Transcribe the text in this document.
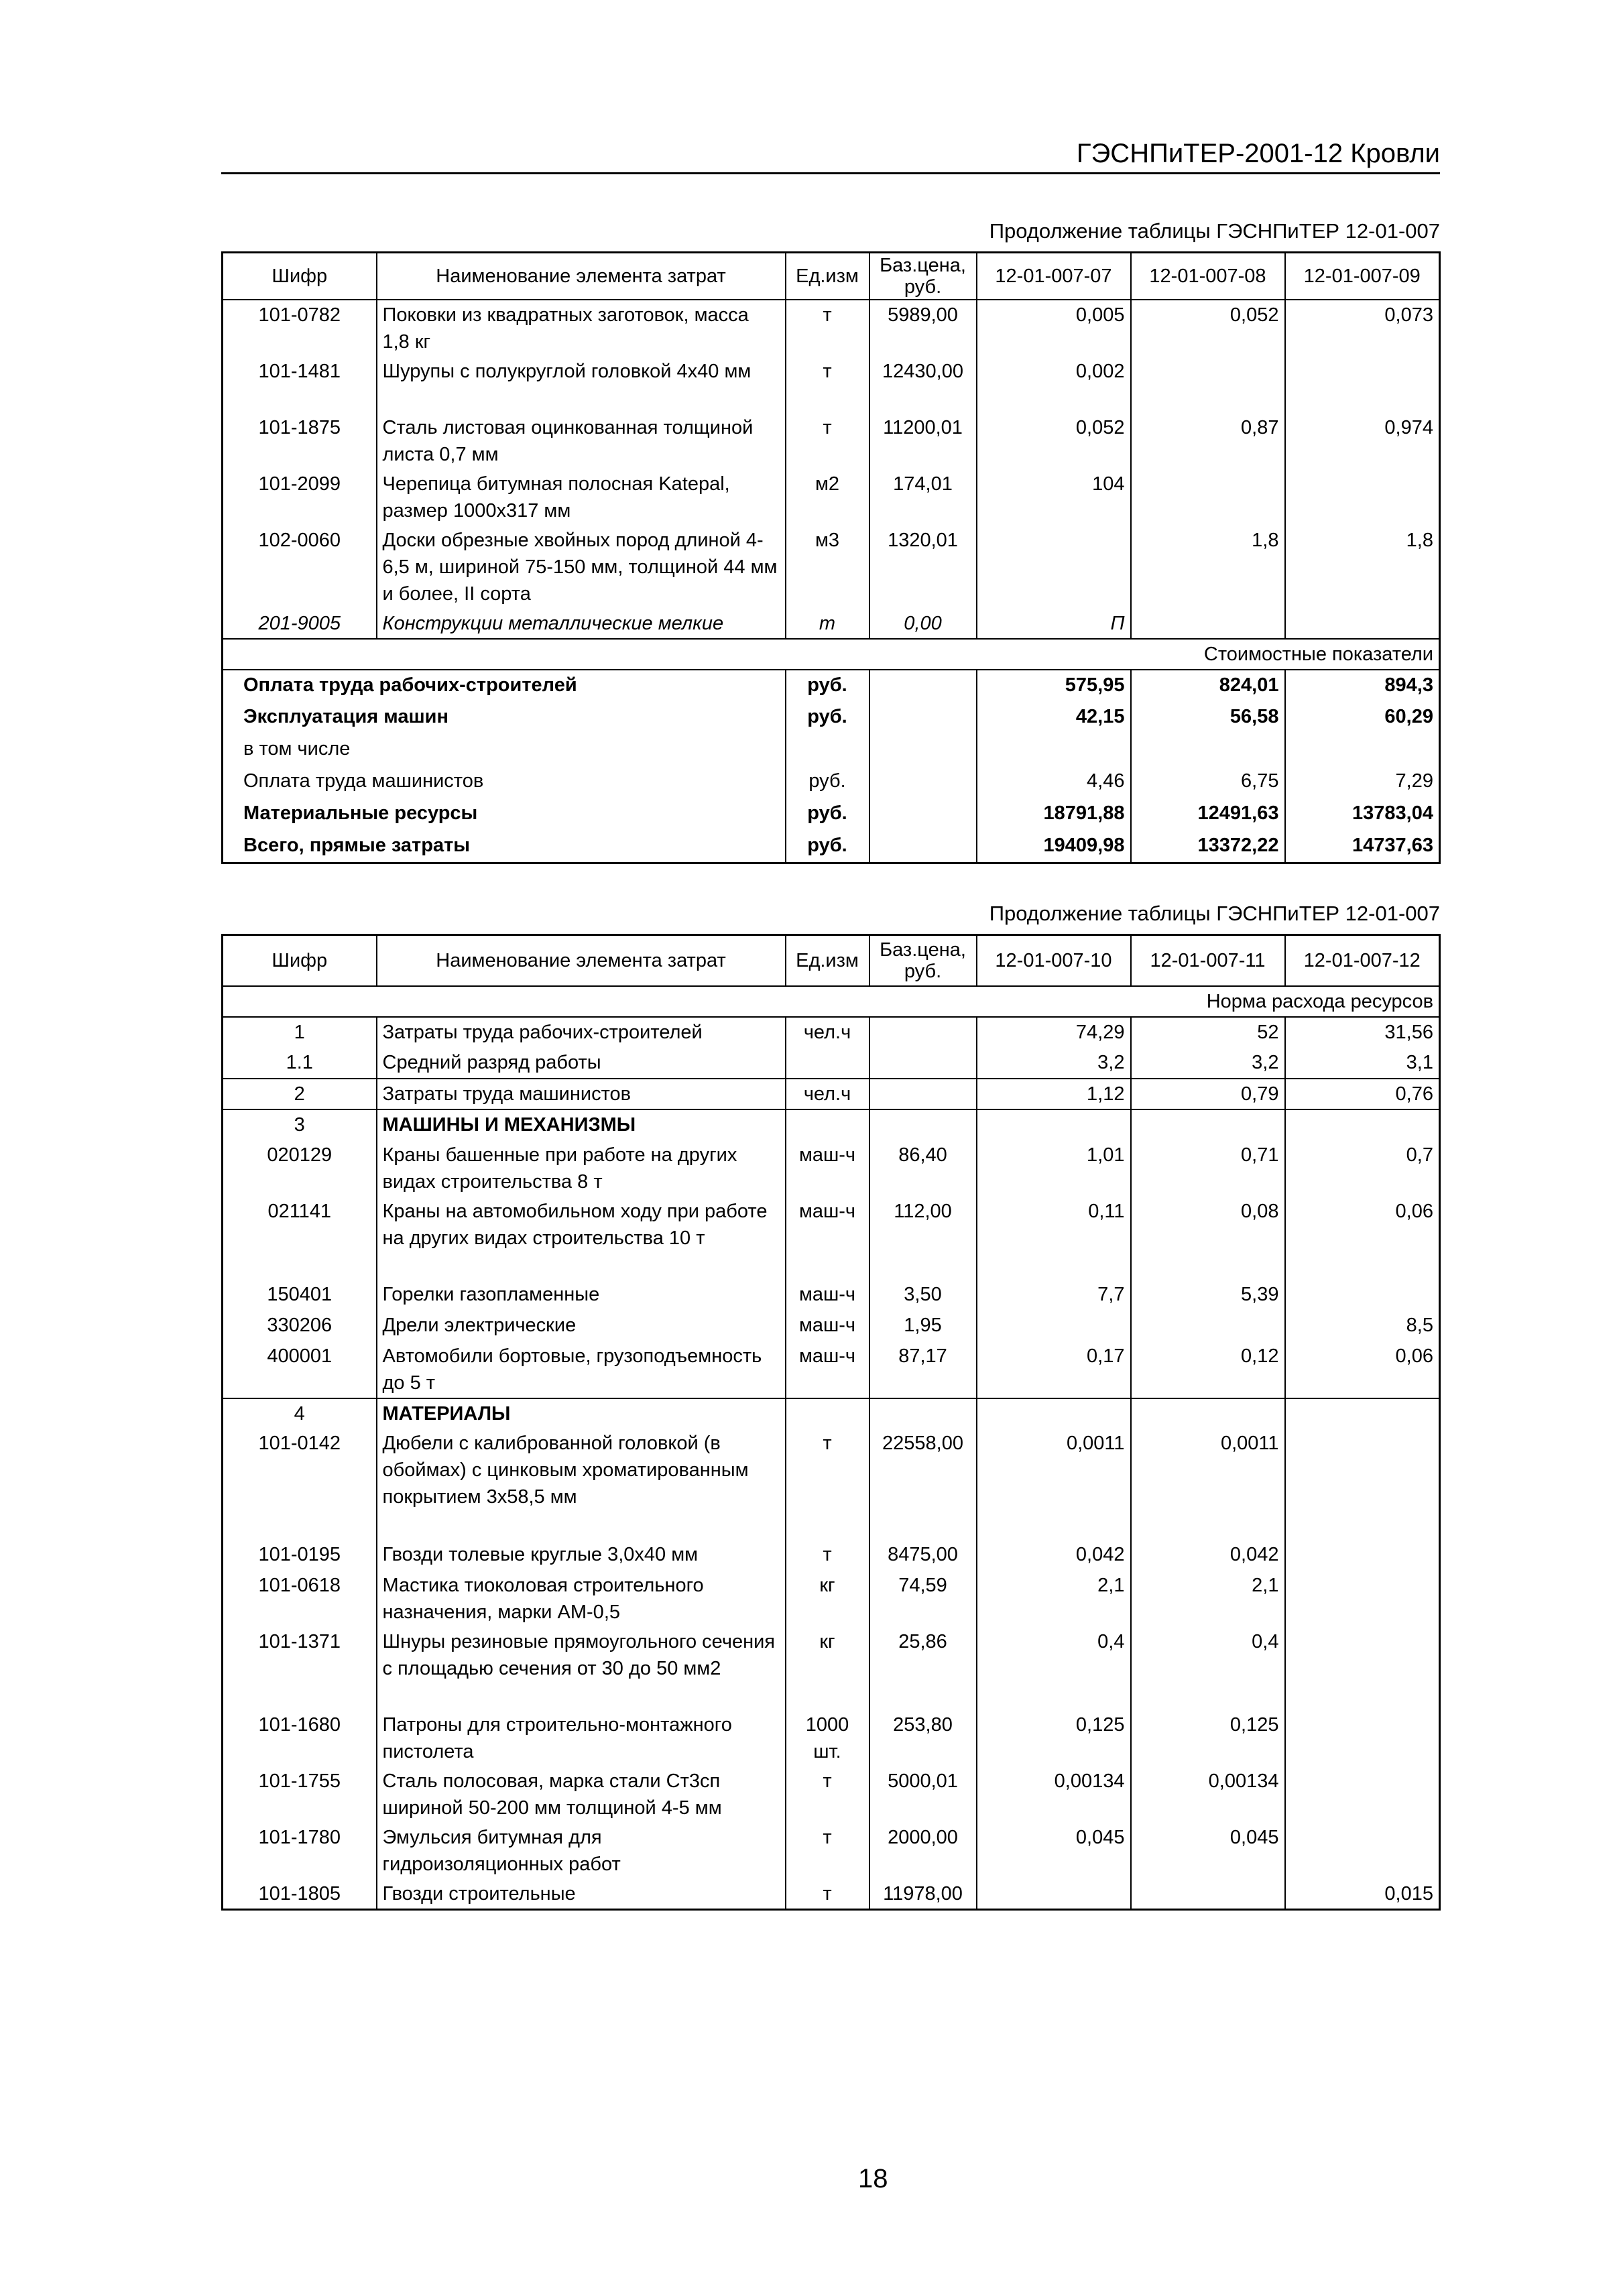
ГЭСНПиТЕР-2001-12 Кровли
Продолжение таблицы ГЭСНПиТЕР 12-01-007
Шифр	Наименование элемента затрат	Ед.изм	Баз.цена, руб.	12-01-007-07	12-01-007-08	12-01-007-09
101-0782	Поковки из квадратных заготовок, масса 1,8 кг	т	5989,00	0,005	0,052	0,073
101-1481	Шурупы с полукруглой головкой 4х40 мм	т	12430,00	0,002		
101-1875	Сталь листовая оцинкованная толщиной листа 0,7 мм	т	11200,01	0,052	0,87	0,974
101-2099	Черепица битумная полосная Katepal, размер 1000х317 мм	м2	174,01	104		
102-0060	Доски обрезные хвойных пород длиной 4-6,5 м, шириной 75-150 мм, толщиной 44 мм и более, II сорта	м3	1320,01		1,8	1,8
201-9005	Конструкции металлические мелкие	т	0,00	П		
Стоимостные показатели						
Оплата труда рабочих-строителей		руб.		575,95	824,01	894,3
Эксплуатация машин		руб.		42,15	56,58	60,29
в том числе						
Оплата труда машинистов		руб.		4,46	6,75	7,29
Материальные ресурсы		руб.		18791,88	12491,63	13783,04
Всего, прямые затраты		руб.		19409,98	13372,22	14737,63
Продолжение таблицы ГЭСНПиТЕР 12-01-007
Шифр	Наименование элемента затрат	Ед.изм	Баз.цена, руб.	12-01-007-10	12-01-007-11	12-01-007-12
Норма расхода ресурсов						
1	Затраты труда рабочих-строителей	чел.ч		74,29	52	31,56
1.1	Средний разряд работы			3,2	3,2	3,1
2	Затраты труда машинистов	чел.ч		1,12	0,79	0,76
3	МАШИНЫ И МЕХАНИЗМЫ					
020129	Краны башенные при работе на других видах строительства 8 т	маш-ч	86,40	1,01	0,71	0,7
021141	Краны на автомобильном ходу при работе на других видах строительства 10 т	маш-ч	112,00	0,11	0,08	0,06
150401	Горелки газопламенные	маш-ч	3,50	7,7	5,39	
330206	Дрели электрические	маш-ч	1,95			8,5
400001	Автомобили бортовые, грузоподъемность до 5 т	маш-ч	87,17	0,17	0,12	0,06
4	МАТЕРИАЛЫ					
101-0142	Дюбели с калиброванной головкой (в обоймах) с цинковым хроматированным покрытием 3х58,5 мм	т	22558,00	0,0011	0,0011	
101-0195	Гвозди толевые круглые 3,0х40 мм	т	8475,00	0,042	0,042	
101-0618	Мастика тиоколовая строительного назначения, марки АМ-0,5	кг	74,59	2,1	2,1	
101-1371	Шнуры резиновые прямоугольного сечения с площадью сечения от 30 до 50 мм2	кг	25,86	0,4	0,4	
101-1680	Патроны для строительно-монтажного пистолета	1000 шт.	253,80	0,125	0,125	
101-1755	Сталь полосовая, марка стали Ст3сп шириной 50-200 мм толщиной 4-5 мм	т	5000,01	0,00134	0,00134	
101-1780	Эмульсия битумная для гидроизоляционных работ	т	2000,00	0,045	0,045	
101-1805	Гвозди строительные	т	11978,00			0,015
18
